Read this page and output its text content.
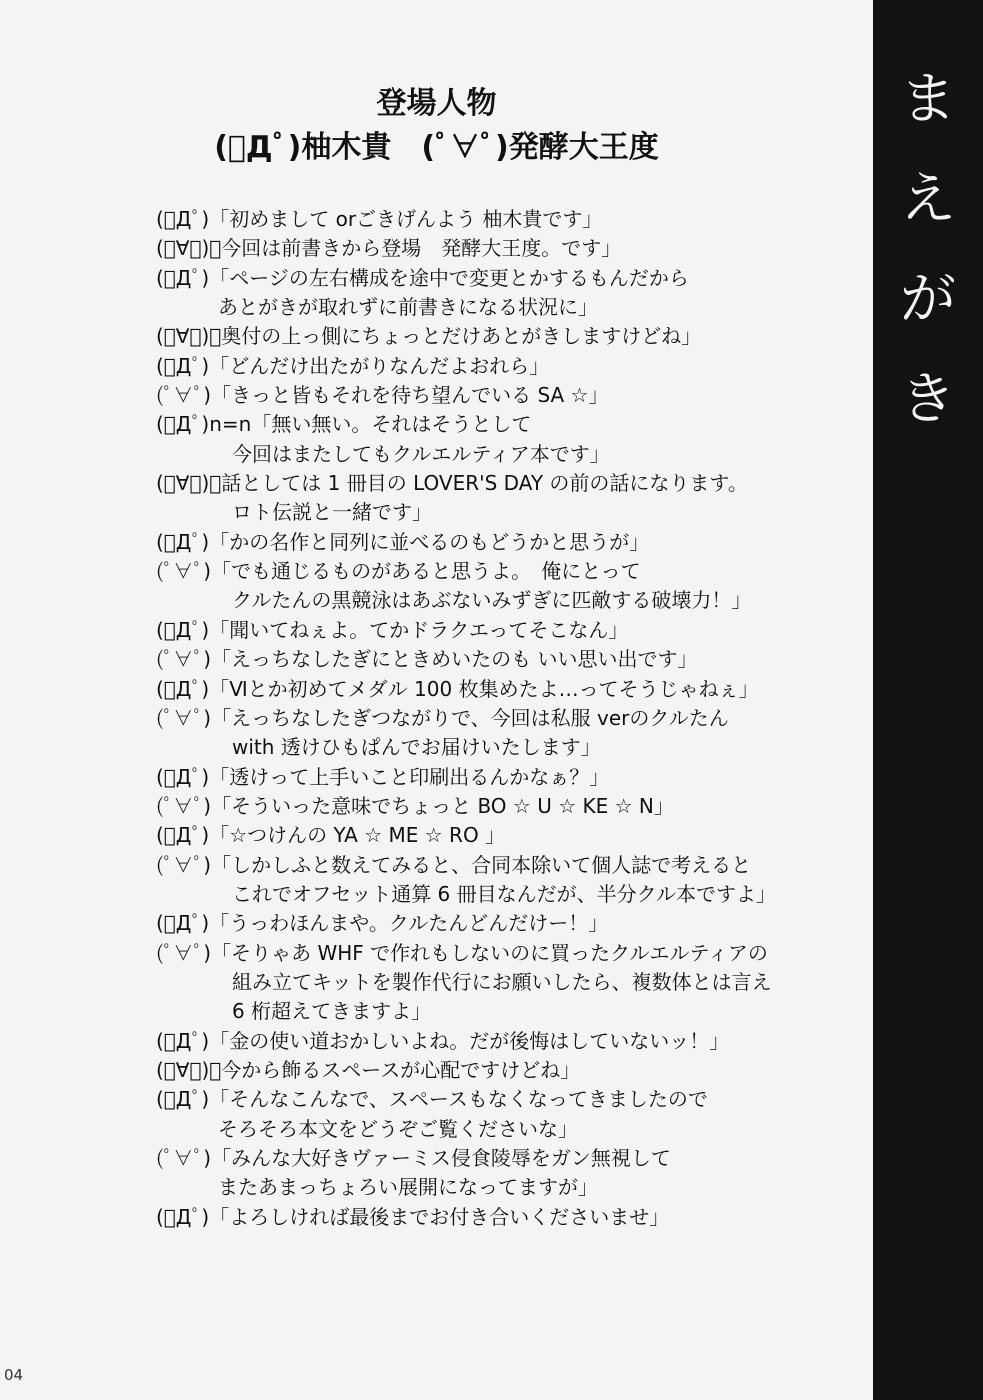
登場人物
(ﾟДﾟ)柚木貴　(ﾟ∀ﾟ)発酵大王度
(ﾟДﾟ)「初めまして orごきげんよう 柚木貴です」
(ﾟ∀ﾟ)「今回は前書きから登場　発酵大王度。です」
(ﾟДﾟ)「ページの左右構成を途中で変更とかするもんだから
あとがきが取れずに前書きになる状況に」
(ﾟ∀ﾟ)「奥付の上っ側にちょっとだけあとがきしますけどね」
(ﾟДﾟ)「どんだけ出たがりなんだよおれら」
(ﾟ∀ﾟ)「きっと皆もそれを待ち望んでいる SA ☆」
(ﾟДﾟ)n=n「無い無い。それはそうとして
今回はまたしてもクルエルティア本です」
(ﾟ∀ﾟ)「話としては 1 冊目の LOVER'S DAY の前の話になります。
ロト伝説と一緒です」
(ﾟДﾟ)「かの名作と同列に並べるのもどうかと思うが」
(ﾟ∀ﾟ)「でも通じるものがあると思うよ。　俺にとって
クルたんの黒競泳はあぶないみずぎに匹敵する破壊力！」
(ﾟДﾟ)「聞いてねぇよ。てかドラクエってそこなん」
(ﾟ∀ﾟ)「えっちなしたぎにときめいたのも いい思い出です」
(ﾟДﾟ)「Ⅵとか初めてメダル 100 枚集めたよ…ってそうじゃねぇ」
(ﾟ∀ﾟ)「えっちなしたぎつながりで、今回は私服 verのクルたん
with 透けひもぱんでお届けいたします」
(ﾟДﾟ)「透けって上手いこと印刷出るんかなぁ？」
(ﾟ∀ﾟ)「そういった意味でちょっと BO ☆ U ☆ KE ☆ N」
(ﾟДﾟ)「☆つけんの YA ☆ ME ☆ RO 」
(ﾟ∀ﾟ)「しかしふと数えてみると、合同本除いて個人誌で考えると
これでオフセット通算 6 冊目なんだが、半分クル本ですよ」
(ﾟДﾟ)「うっわほんまや。クルたんどんだけー！」
(ﾟ∀ﾟ)「そりゃあ WHF で作れもしないのに買ったクルエルティアの
組み立てキットを製作代行にお願いしたら、複数体とは言え
6 桁超えてきますよ」
(ﾟДﾟ)「金の使い道おかしいよね。だが後悔はしていないッ！」
(ﾟ∀ﾟ)「今から飾るスペースが心配ですけどね」
(ﾟДﾟ)「そんなこんなで、スペースもなくなってきましたので
そろそろ本文をどうぞご覧くださいな」
(ﾟ∀ﾟ)「みんな大好きヴァーミス侵食陵辱をガン無視して
またあまっちょろい展開になってますが」
(ﾟДﾟ)「よろしければ最後までお付き合いくださいませ」
04
ま
え
が
き
